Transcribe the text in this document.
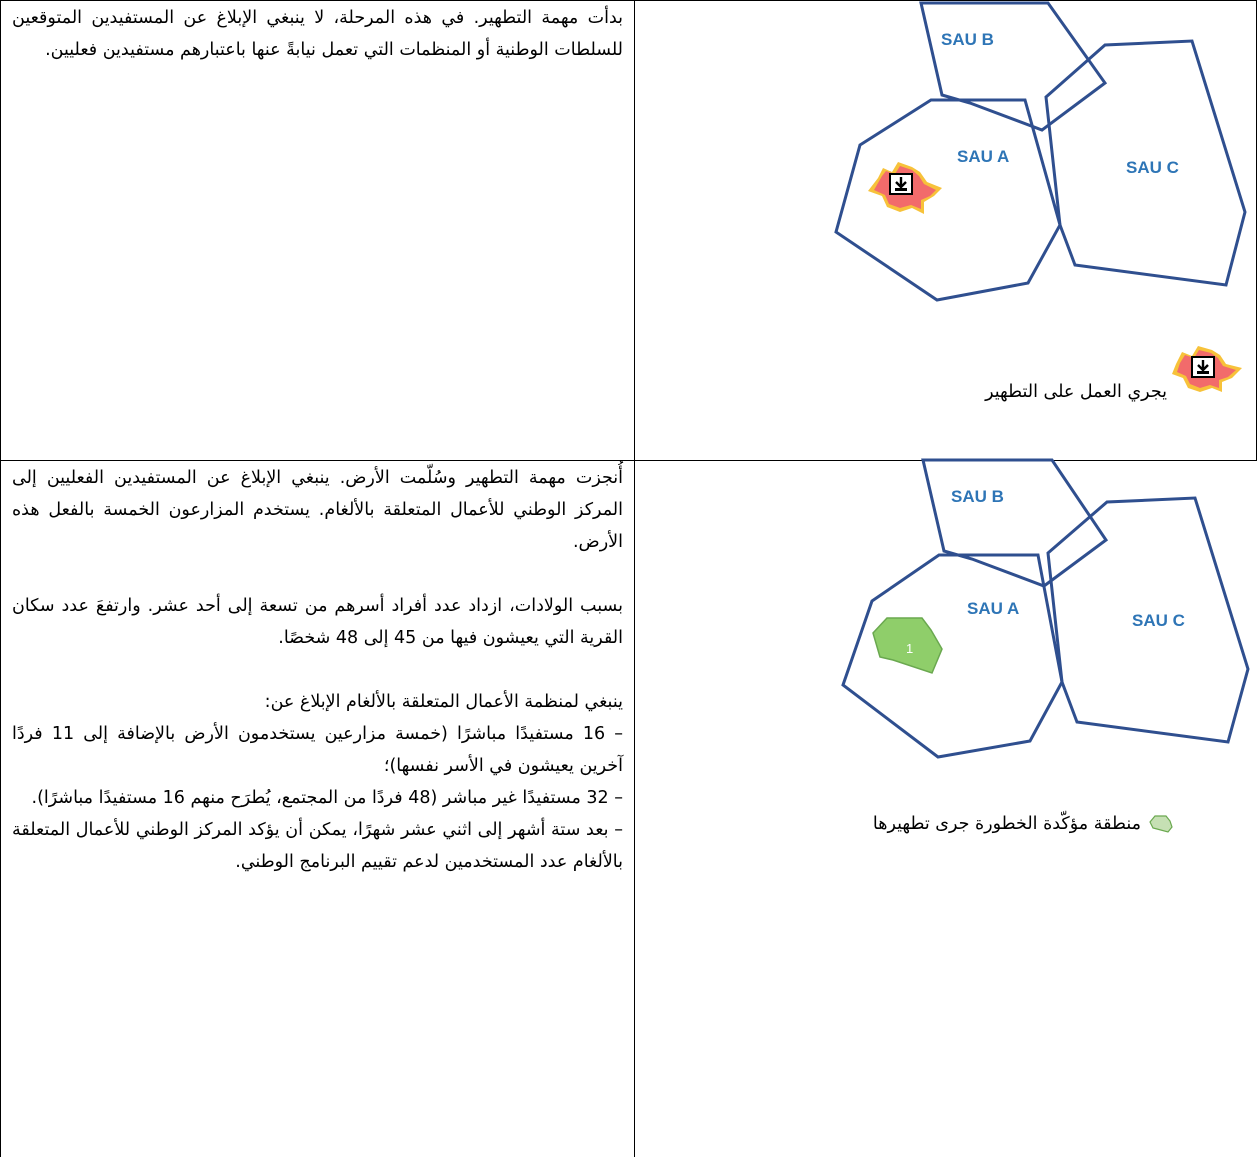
بدأت مهمة التطهير. في هذه المرحلة، لا ينبغي الإبلاغ عن المستفيدين المتوقعين للسلطات الوطنية أو المنظمات التي تعمل نيابةً عنها باعتبارهم مستفيدين فعليين.

SAU B
SAU A
SAU C
يجري العمل على التطهير

أُنجزت مهمة التطهير وسُلّمت الأرض. ينبغي الإبلاغ عن المستفيدين الفعليين إلى المركز الوطني للأعمال المتعلقة بالألغام. يستخدم المزارعون الخمسة بالفعل هذه الأرض.

بسبب الولادات، ازداد عدد أفراد أسرهم من تسعة إلى أحد عشر. وارتفعَ عدد سكان القرية التي يعيشون فيها من 45 إلى 48 شخصًا.

ينبغي لمنظمة الأعمال المتعلقة بالألغام الإبلاغ عن:

– 16 مستفيدًا مباشرًا (خمسة مزارعين يستخدمون الأرض بالإضافة إلى 11 فردًا آخرين يعيشون في الأسر نفسها)؛

– 32 مستفيدًا غير مباشر (48 فردًا من المجتمع، يُطرَح منهم 16 مستفيدًا مباشرًا).

– بعد ستة أشهر إلى اثني عشر شهرًا، يمكن أن يؤكد المركز الوطني للأعمال المتعلقة بالألغام عدد المستخدمين لدعم تقييم البرنامج الوطني.

SAU B
SAU A
SAU C
1
منطقة مؤكّدة الخطورة جرى تطهيرها
